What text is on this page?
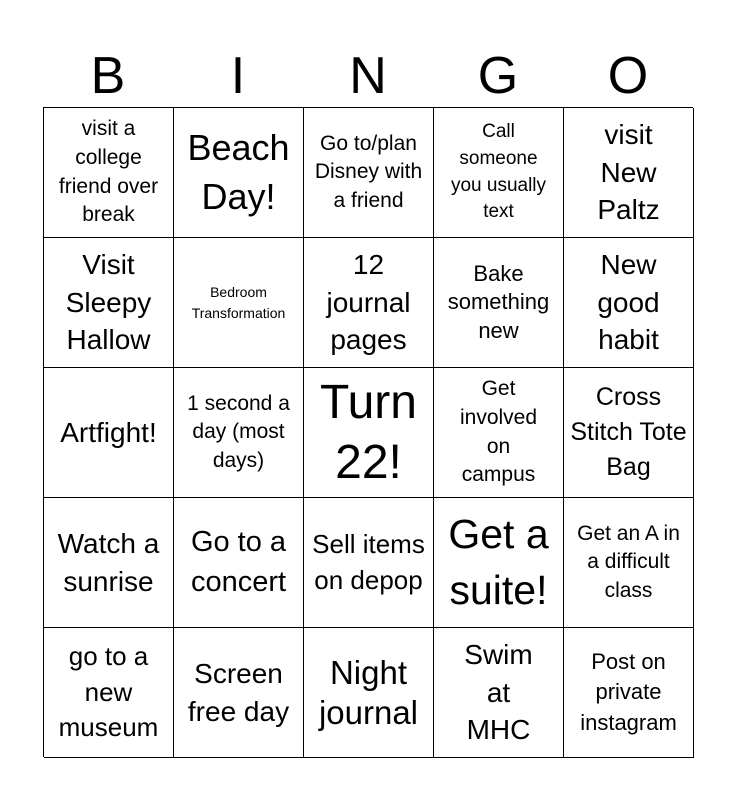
B	I	N	G	O
visit a college friend over break
Beach Day!
Go to/plan Disney with a friend
Call someone you usually text
visit New Paltz
Visit Sleepy Hallow
Bedroom Transformation
12 journal pages
Bake something new
New good habit
Artfight!
1 second a day (most days)
Turn 22!
Get involved on campus
Cross Stitch Tote Bag
Watch a sunrise
Go to a concert
Sell items on depop
Get a suite!
Get an A in a difficult class
go to a new museum
Screen free day
Night journal
Swim at MHC
Post on private instagram
